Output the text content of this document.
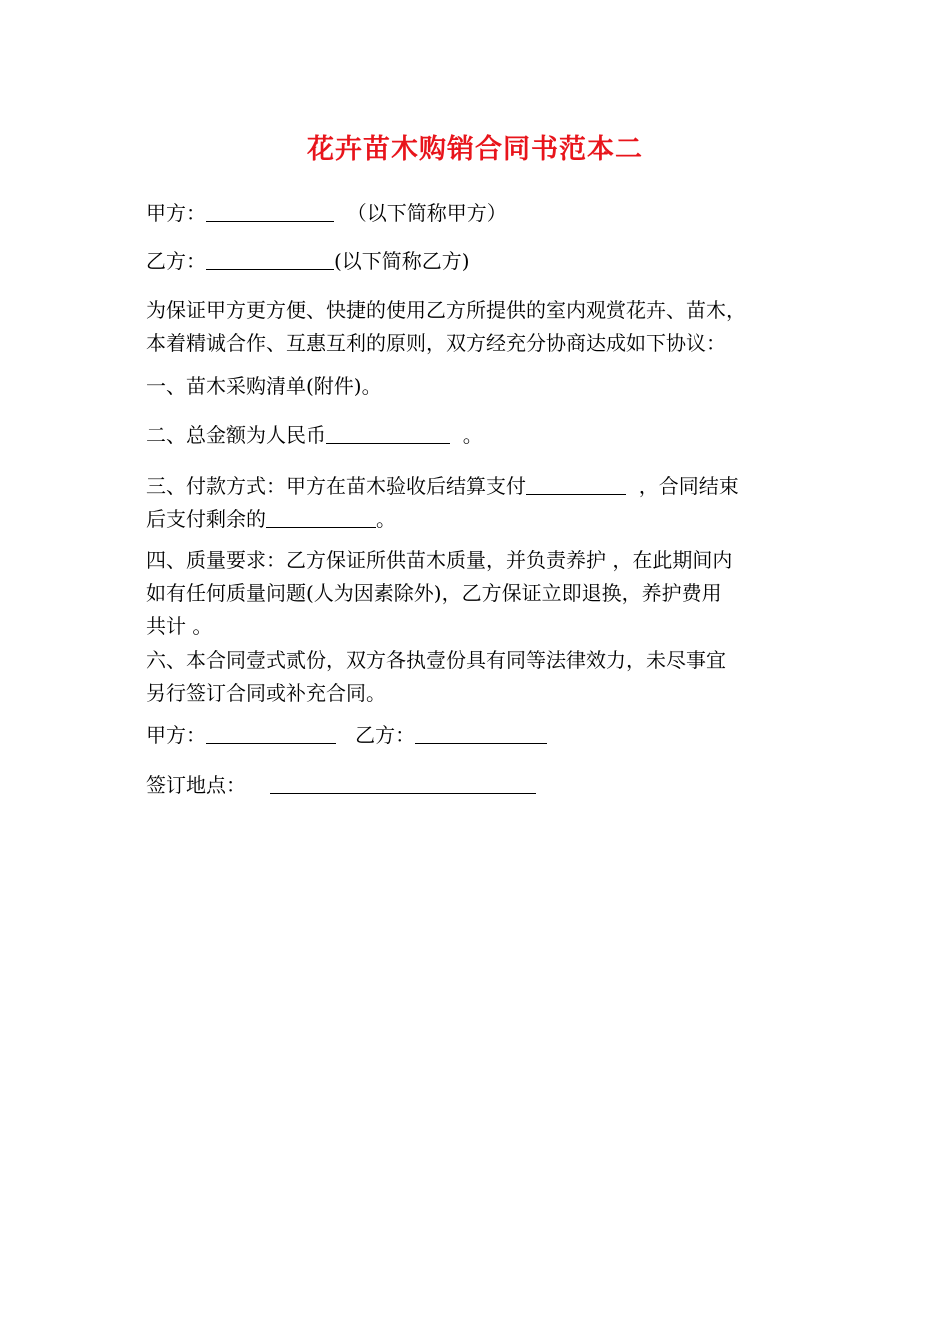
花卉苗木购销合同书范本二
甲方：	（以下简称甲方）
乙方：	(以下简称乙方)
为保证甲方更方便、快捷的使用乙方所提供的室内观赏花卉、苗木，
本着精诚合作、互惠互利的原则，双方经充分协商达成如下协议：
一、苗木采购清单(附件)。
二、总金额为人民币	。
三、付款方式：甲方在苗木验收后结算支付	，合同结束
后支付剩余的	。
四、质量要求：乙方保证所供苗木质量，并负责养护 ，在此期间内
如有任何质量问题(人为因素除外)，乙方保证立即退换，养护费用
共计 。
六、本合同壹式贰份，双方各执壹份具有同等法律效力，未尽事宜
另行签订合同或补充合同。
甲方：	乙方：
签订地点：
